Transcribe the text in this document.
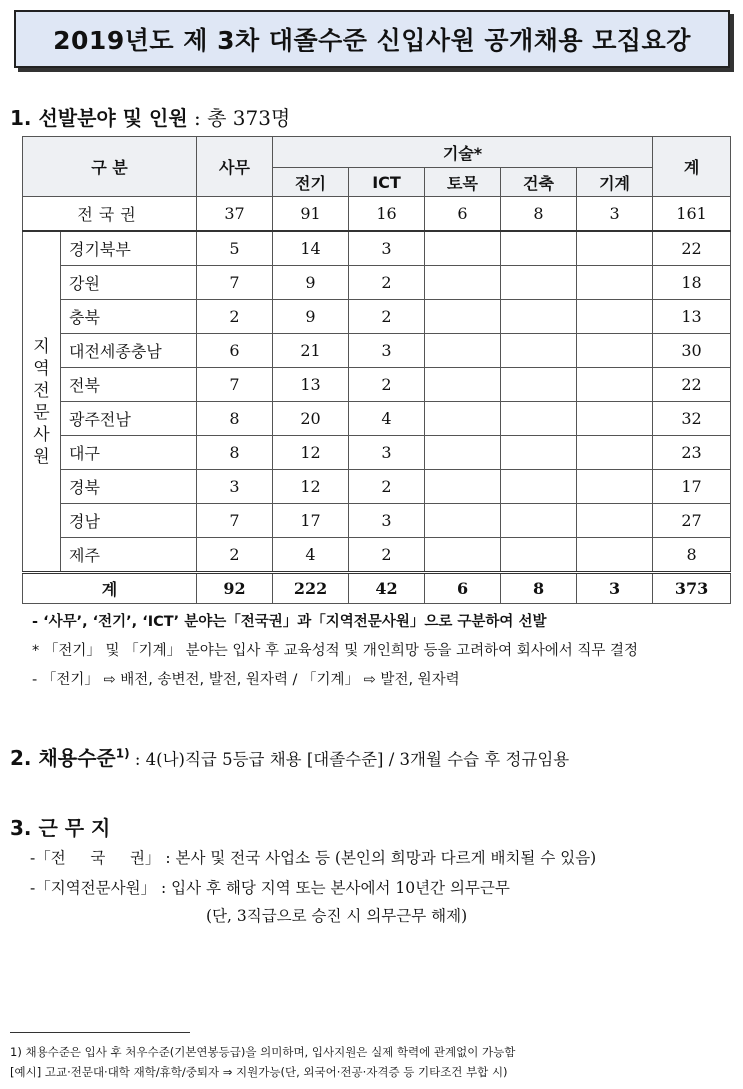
2019년도 제 3차 대졸수준 신입사원 공개채용 모집요강
1. 선발분야 및 인원 : 총 373명
구 분		사무	기술*					계
			전기	ICT	토목	건축	기계	
전국권		37	91	16	6	8	3	161

지역전문사원	경기북부	5	14	3				22
	강원	7	9	2				18
	충북	2	9	2				13
	대전세종충남	6	21	3				30
	전북	7	13	2				22
	광주전남	8	20	4				32
	대구	8	12	3				23
	경북	3	12	2				17
	경남	7	17	3				27
	제주	2	4	2				8
계		92	222	42	6	8	3	373
- ‘사무’, ‘전기’, ‘ICT’ 분야는「전국권」과「지역전문사원」으로 구분하여 선발
* 「전기」 및 「기계」 분야는 입사 후 교육성적 및 개인희망 등을 고려하여 회사에서 직무 결정
- 「전기」 ⇨ 배전, 송변전, 발전, 원자력 / 「기계」 ⇨ 발전, 원자력
2. 채용수준$^{1)}$ : 4(나)직급 5등급 채용 [대졸수준] / 3개월 수습 후 정규임용
3. 근 무 지
-「전     국     권」 : 본사 및 전국 사업소 등 (본인의 희망과 다르게 배치될 수 있음)
-「지역전문사원」 : 입사 후 해당 지역 또는 본사에서 10년간 의무근무
(단, 3직급으로 승진 시 의무근무 해제)
1) 채용수준은 입사 후 처우수준(기본연봉등급)을 의미하며, 입사지원은 실제 학력에 관계없이 가능함
[예시] 고교·전문대·대학 재학/휴학/중퇴자 ⇒ 지원가능(단, 외국어·전공·자격증 등 기타조건 부합 시)
